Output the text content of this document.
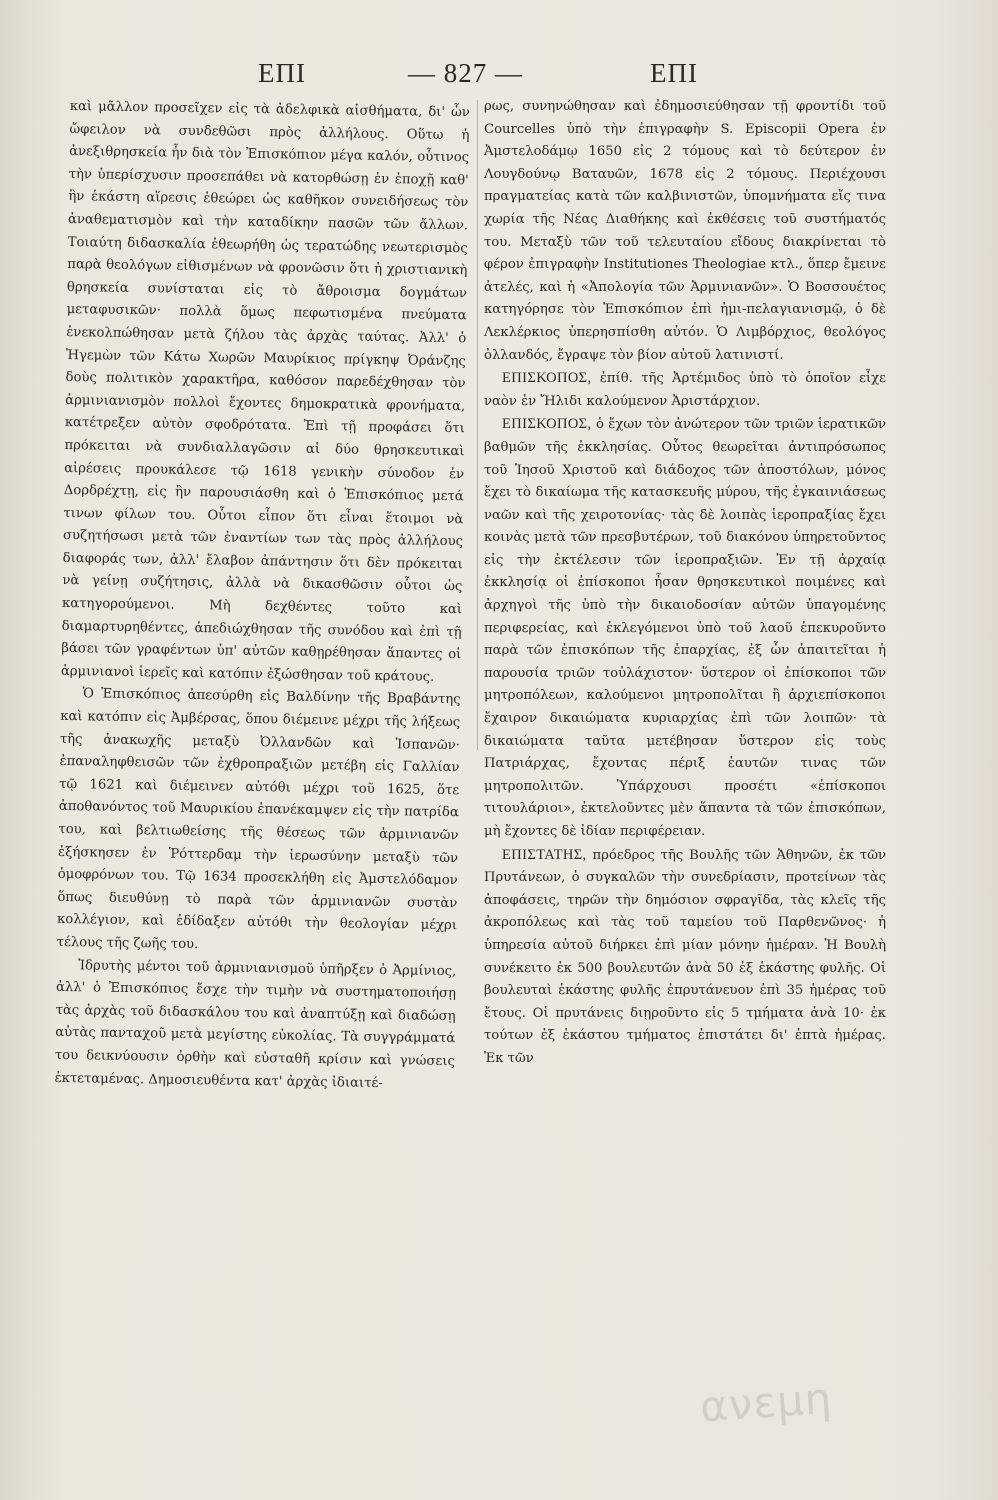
ΕΠΙ	— 827 —	ΕΠΙ

καὶ μᾶλλον προσεῖχεν εἰς τὰ ἀδελφικὰ αἰσθήματα, δι' ὧν ὤφειλον νὰ συνδεθῶσι πρὸς ἀλλήλους. Οὕτω ἡ ἀνεξιθρησκεία ἦν διὰ τὸν Ἐπισκόπιον μέγα καλόν, οὗτινος τὴν ὑπερίσχυσιν προσεπάθει νὰ κατορθώσῃ ἐν ἐποχῇ καθ' ἣν ἑκάστη αἵρεσις ἐθεώρει ὡς καθῆκον συνειδήσεως τὸν ἀναθεματισμὸν καὶ τὴν καταδίκην πασῶν τῶν ἄλλων. Τοιαύτη διδασκαλία ἐθεωρήθη ὡς τερατώδης νεωτερισμὸς παρὰ θεολόγων εἰθισμένων νὰ φρονῶσιν ὅτι ἡ χριστιανικὴ θρησκεία συνίσταται εἰς τὸ ἄθροισμα δογμάτων μεταφυσικῶν· πολλὰ ὅμως πεφωτισμένα πνεύματα ἐνεκολπώθησαν μετὰ ζήλου τὰς ἀρχὰς ταύτας. Ἀλλ' ὁ Ἡγεμὼν τῶν Κάτω Χωρῶν Μαυρίκιος πρίγκηψ Ὀράνζης δοὺς πολιτικὸν χαρακτῆρα, καθόσον παρεδέχθησαν τὸν ἀρμινιανισμὸν πολλοὶ ἔχοντες δημοκρατικὰ φρονήματα, κατέτρεξεν αὐτὸν σφοδρότατα. Ἐπὶ τῇ προφάσει ὅτι πρόκειται νὰ συνδιαλλαγῶσιν αἱ δύο θρησκευτικαὶ αἱρέσεις προυκάλεσε τῷ 1618 γενικὴν σύνοδον ἐν Δορδρέχτῃ, εἰς ἣν παρουσιάσθη καὶ ὁ Ἐπισκόπιος μετά τινων φίλων του. Οὗτοι εἶπον ὅτι εἶναι ἕτοιμοι νὰ συζητήσωσι μετὰ τῶν ἐναντίων των τὰς πρὸς ἀλλήλους διαφοράς των, ἀλλ' ἔλαβον ἀπάντησιν ὅτι δὲν πρόκειται νὰ γείνῃ συζήτησις, ἀλλὰ νὰ δικασθῶσιν οὗτοι ὡς κατηγορούμενοι. Μὴ δεχθέντες τοῦτο καὶ διαμαρτυρηθέντες, ἀπεδιώχθησαν τῆς συνόδου καὶ ἐπὶ τῇ βάσει τῶν γραφέντων ὑπ' αὐτῶν καθῃρέθησαν ἅπαντες οἱ ἀρμινιανοὶ ἱερεῖς καὶ κατόπιν ἐξώσθησαν τοῦ κράτους.

Ὁ Ἐπισκόπιος ἀπεσύρθη εἰς Βαλδίνην τῆς Βραβάντης καὶ κατόπιν εἰς Ἀμβέρσας, ὅπου διέμεινε μέχρι τῆς λήξεως τῆς ἀνακωχῆς μεταξὺ Ὀλλανδῶν καὶ Ἱσπανῶν· ἐπαναληφθεισῶν τῶν ἐχθροπραξιῶν μετέβη εἰς Γαλλίαν τῷ 1621 καὶ διέμεινεν αὐτόθι μέχρι τοῦ 1625, ὅτε ἀποθανόντος τοῦ Μαυρικίου ἐπανέκαμψεν εἰς τὴν πατρίδα του, καὶ βελτιωθείσης τῆς θέσεως τῶν ἀρμινιανῶν ἐξήσκησεν ἐν Ῥόττερδαμ τὴν ἱερωσύνην μεταξὺ τῶν ὁμοφρόνων του. Τῷ 1634 προσεκλήθη εἰς Ἀμστελόδαμον ὅπως διευθύνῃ τὸ παρὰ τῶν ἀρμινιανῶν συστὰν κολλέγιον, καὶ ἐδίδαξεν αὐτόθι τὴν θεολογίαν μέχρι τέλους τῆς ζωῆς του.

Ἱδρυτὴς μέντοι τοῦ ἀρμινιανισμοῦ ὑπῆρξεν ὁ Ἀρμίνιος, ἀλλ' ὁ Ἐπισκόπιος ἔσχε τὴν τιμὴν νὰ συστηματοποιήσῃ τὰς ἀρχὰς τοῦ διδασκάλου του καὶ ἀναπτύξῃ καὶ διαδώσῃ αὐτὰς πανταχοῦ μετὰ μεγίστης εὐκολίας. Τὰ συγγράμματά του δεικνύουσιν ὀρθὴν καὶ εὐσταθῆ κρίσιν καὶ γνώσεις ἐκτεταμένας. Δημοσιευθέντα κατ' ἀρχὰς ἰδιαιτέ-

ρως, συνηνώθησαν καὶ ἐδημοσιεύθησαν τῇ φροντίδι τοῦ Courcelles ὑπὸ τὴν ἐπιγραφὴν S. Episcopii Opera ἐν Ἀμστελοδάμῳ 1650 εἰς 2 τόμους καὶ τὸ δεύτερον ἐν Λουγδούνῳ Βαταυῶν, 1678 εἰς 2 τόμους. Περιέχουσι πραγματείας κατὰ τῶν καλβινιστῶν, ὑπομνήματα εἴς τινα χωρία τῆς Νέας Διαθήκης καὶ ἐκθέσεις τοῦ συστήματός του. Μεταξὺ τῶν τοῦ τελευταίου εἴδους διακρίνεται τὸ φέρον ἐπιγραφὴν Institutiones Theologiae κτλ., ὅπερ ἔμεινε ἀτελές, καὶ ἡ «Ἀπολογία τῶν Ἀρμινιανῶν». Ὁ Βοσσουέτος κατηγόρησε τὸν Ἐπισκόπιον ἐπὶ ἡμι-πελαγιανισμῷ, ὁ δὲ Λεκλέρκιος ὑπερησπίσθη αὐτόν. Ὁ Λιμβόρχιος, θεολόγος ὀλλανδός, ἔγραψε τὸν βίον αὐτοῦ λατινιστί.

ΕΠΙΣΚΟΠΟΣ, ἐπίθ. τῆς Ἀρτέμιδος ὑπὸ τὸ ὁποῖον εἶχε ναὸν ἐν Ἤλιδι καλούμενον Ἀριστάρχιον.

ΕΠΙΣΚΟΠΟΣ, ὁ ἔχων τὸν ἀνώτερον τῶν τριῶν ἱερατικῶν βαθμῶν τῆς ἐκκλησίας. Οὗτος θεωρεῖται ἀντιπρόσωπος τοῦ Ἰησοῦ Χριστοῦ καὶ διάδοχος τῶν ἀποστόλων, μόνος ἔχει τὸ δικαίωμα τῆς κατασκευῆς μύρου, τῆς ἐγκαινιάσεως ναῶν καὶ τῆς χειροτονίας· τὰς δὲ λοιπὰς ἱεροπραξίας ἔχει κοινὰς μετὰ τῶν πρεσβυτέρων, τοῦ διακόνου ὑπηρετοῦντος εἰς τὴν ἐκτέλεσιν τῶν ἱεροπραξιῶν. Ἐν τῇ ἀρχαίᾳ ἐκκλησίᾳ οἱ ἐπίσκοποι ἦσαν θρησκευτικοὶ ποιμένες καὶ ἀρχηγοὶ τῆς ὑπὸ τὴν δικαιοδοσίαν αὐτῶν ὑπαγομένης περιφερείας, καὶ ἐκλεγόμενοι ὑπὸ τοῦ λαοῦ ἐπεκυροῦντο παρὰ τῶν ἐπισκόπων τῆς ἐπαρχίας, ἐξ ὧν ἀπαιτεῖται ἡ παρουσία τριῶν τοὐλάχιστον· ὕστερον οἱ ἐπίσκοποι τῶν μητροπόλεων, καλούμενοι μητροπολῖται ἢ ἀρχιεπίσκοποι ἔχαιρον δικαιώματα κυριαρχίας ἐπὶ τῶν λοιπῶν· τὰ δικαιώματα ταῦτα μετέβησαν ὕστερον εἰς τοὺς Πατριάρχας, ἔχοντας πέριξ ἑαυτῶν τινας τῶν μητροπολιτῶν. Ὑπάρχουσι προσέτι «ἐπίσκοποι τιτουλάριοι», ἐκτελοῦντες μὲν ἅπαντα τὰ τῶν ἐπισκόπων, μὴ ἔχοντες δὲ ἰδίαν περιφέρειαν.

ΕΠΙΣΤΑΤΗΣ, πρόεδρος τῆς Βουλῆς τῶν Ἀθηνῶν, ἐκ τῶν Πρυτάνεων, ὁ συγκαλῶν τὴν συνεδρίασιν, προτείνων τὰς ἀποφάσεις, τηρῶν τὴν δημόσιον σφραγῖδα, τὰς κλεῖς τῆς ἀκροπόλεως καὶ τὰς τοῦ ταμείου τοῦ Παρθενῶνος· ἡ ὑπηρεσία αὐτοῦ διήρκει ἐπὶ μίαν μόνην ἡμέραν. Ἡ Βουλὴ συνέκειτο ἐκ 500 βουλευτῶν ἀνὰ 50 ἐξ ἑκάστης φυλῆς. Οἱ βουλευταὶ ἑκάστης φυλῆς ἐπρυτάνευον ἐπὶ 35 ἡμέρας τοῦ ἔτους. Οἱ πρυτάνεις διῃροῦντο εἰς 5 τμήματα ἀνὰ 10· ἐκ τούτων ἐξ ἑκάστου τμήματος ἐπιστάτει δι' ἑπτὰ ἡμέρας. Ἐκ τῶν

ανεμη
